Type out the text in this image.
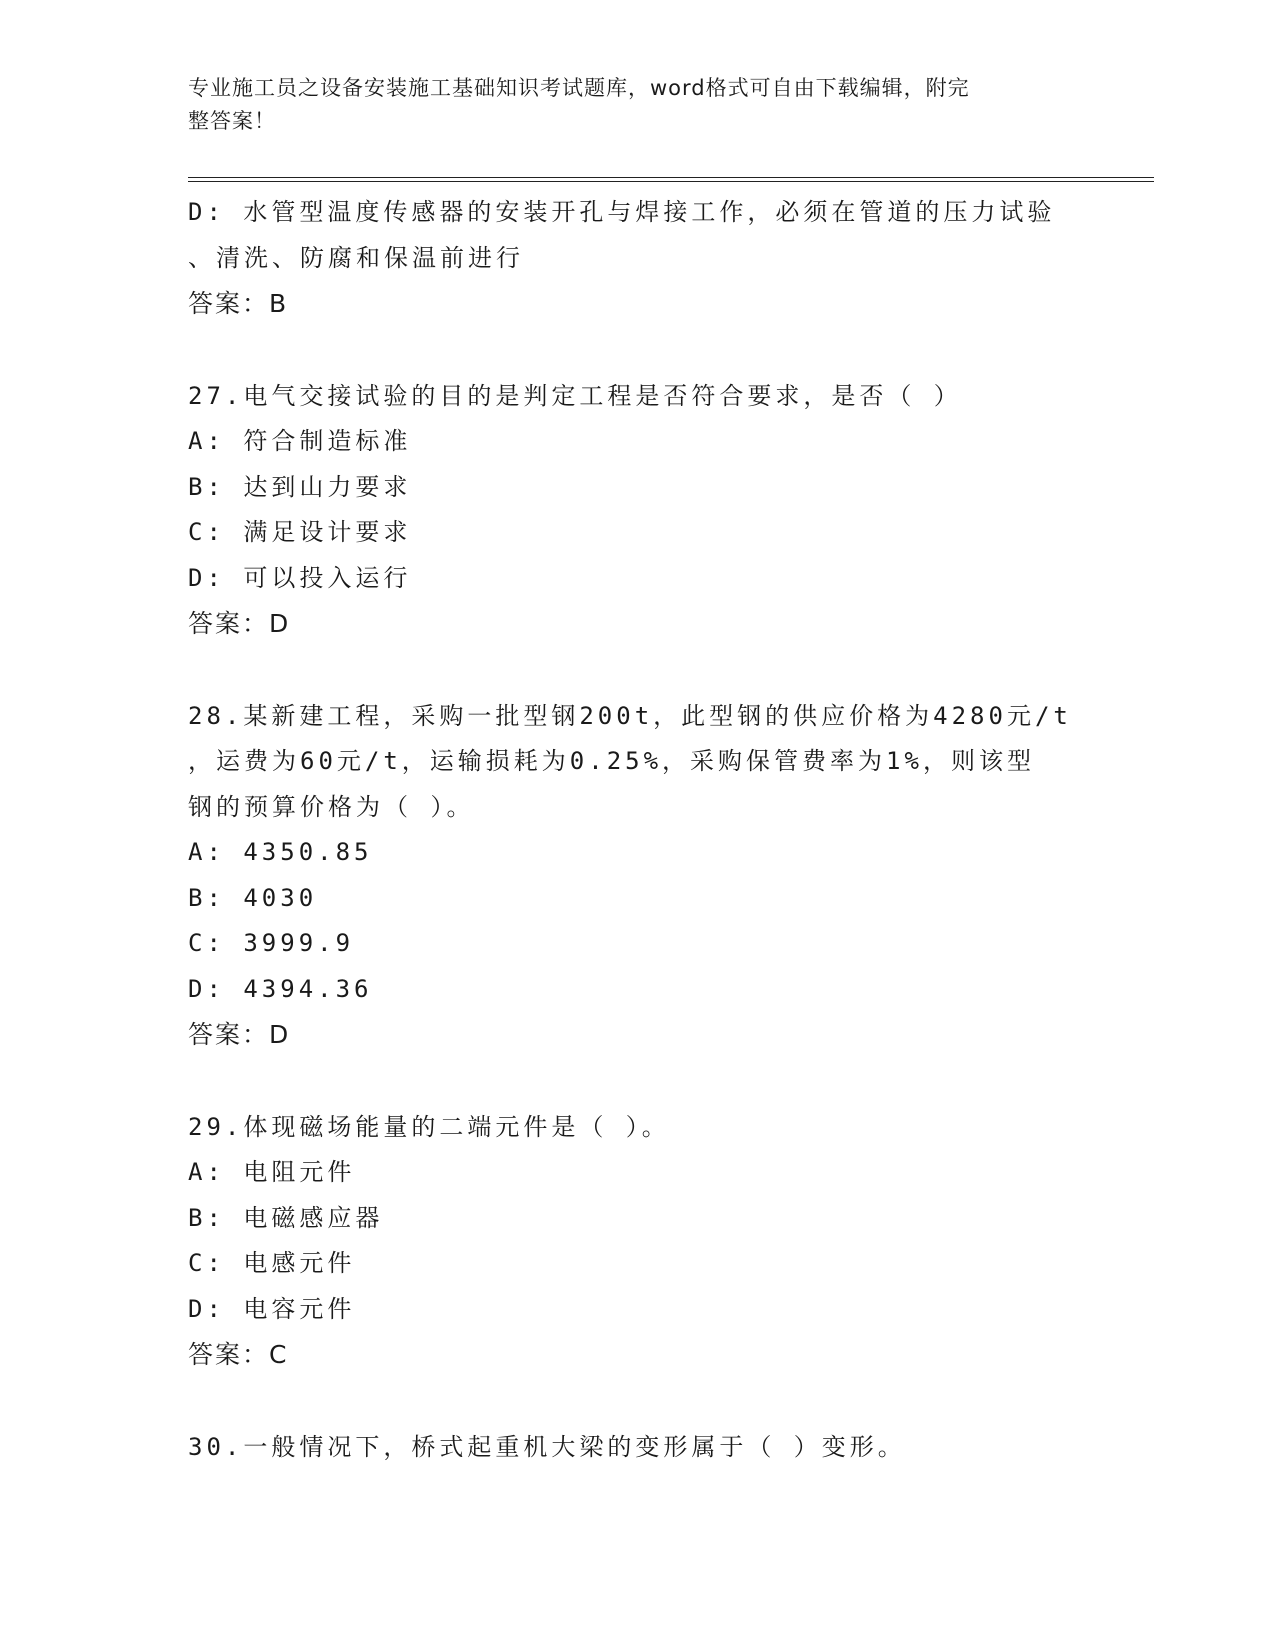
专业施工员之设备安装施工基础知识考试题库，word格式可自由下载编辑，附完
整答案！
D: 水管型温度传感器的安装开孔与焊接工作，必须在管道的压力试验
、清洗、防腐和保温前进行
答案：B
27.电气交接试验的目的是判定工程是否符合要求，是否（ ）
A: 符合制造标准
B: 达到山力要求
C: 满足设计要求
D: 可以投入运行
答案：D
28.某新建工程，采购一批型钢200t，此型钢的供应价格为4280元/t
，运费为60元/t，运输损耗为0.25%，采购保管费率为1%，则该型
钢的预算价格为（ ）。
A: 4350.85
B: 4030
C: 3999.9
D: 4394.36
答案：D
29.体现磁场能量的二端元件是（ ）。
A: 电阻元件
B: 电磁感应器
C: 电感元件
D: 电容元件
答案：C
30.一般情况下，桥式起重机大梁的变形属于（ ）变形。
